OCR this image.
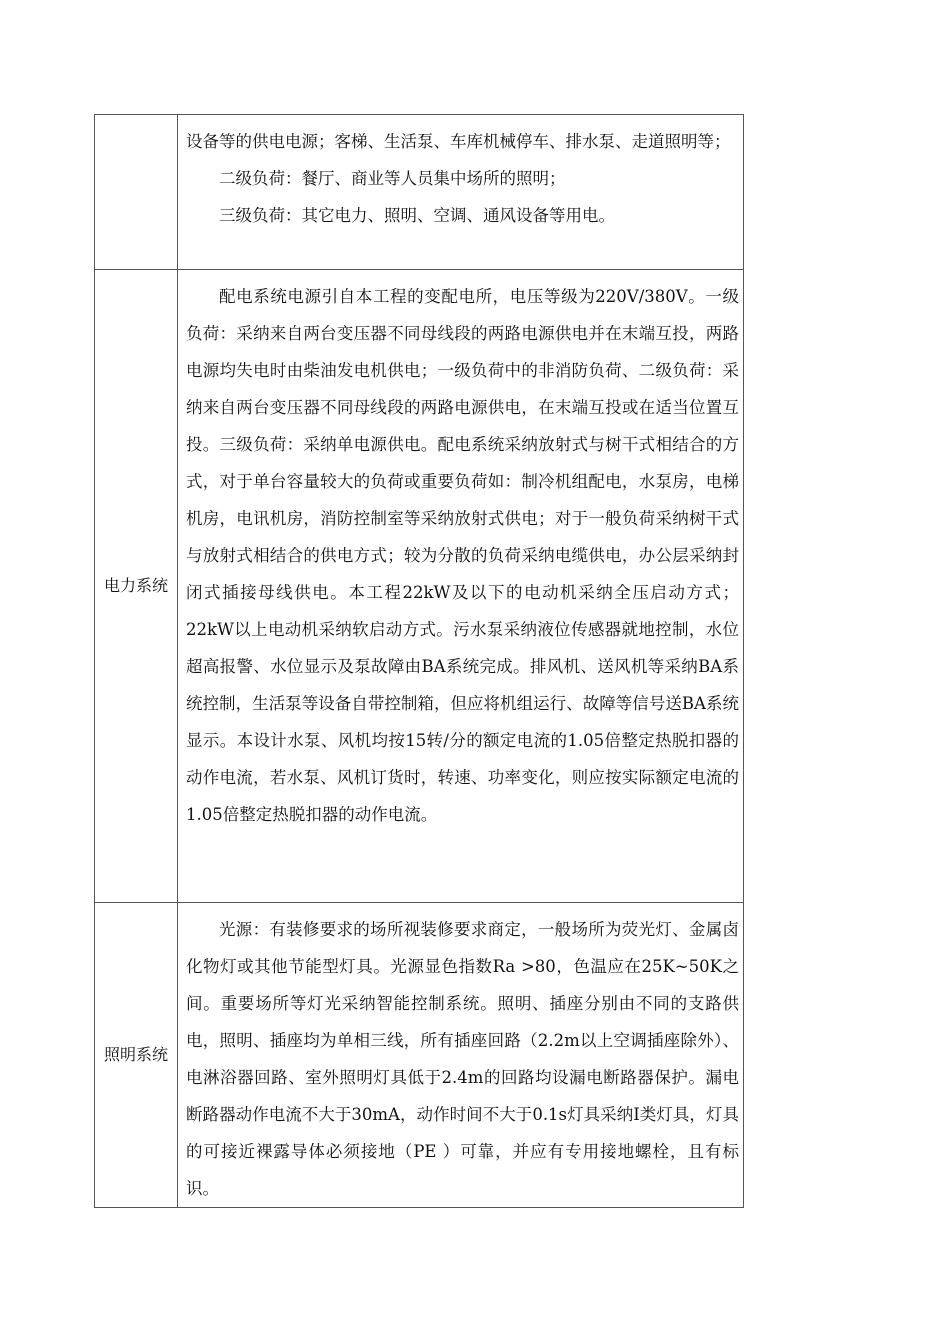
	设备等的供电电源；客梯、生活泵、车库机械停车、排水泵、走道照明等；

二级负荷：餐厅、商业等人员集中场所的照明；

三级负荷：其它电力、照明、空调、通风设备等用电。

电力系统	配电系统电源引自本工程的变配电所，电压等级为220V/380V。一级负荷：采纳来自两台变压器不同母线段的两路电源供电并在末端互投，两路电源均失电时由柴油发电机供电；一级负荷中的非消防负荷、二级负荷：采纳来自两台变压器不同母线段的两路电源供电，在末端互投或在适当位置互投。三级负荷：采纳单电源供电。配电系统采纳放射式与树干式相结合的方式，对于单台容量较大的负荷或重要负荷如：制冷机组配电，水泵房，电梯机房，电讯机房，消防控制室等采纳放射式供电；对于一般负荷采纳树干式与放射式相结合的供电方式；较为分散的负荷采纳电缆供电，办公层采纳封闭式插接母线供电。本工程22kW及以下的电动机采纳全压启动方式；22kW以上电动机采纳软启动方式。污水泵采纳液位传感器就地控制，水位超高报警、水位显示及泵故障由BA系统完成。排风机、送风机等采纳BA系统控制，生活泵等设备自带控制箱，但应将机组运行、故障等信号送BA系统显示。本设计水泵、风机均按15转/分的额定电流的1.05倍整定热脱扣器的动作电流，若水泵、风机订货时，转速、功率变化，则应按实际额定电流的1.05倍整定热脱扣器的动作电流。

照明系统	光源：有装修要求的场所视装修要求商定，一般场所为荧光灯、金属卤化物灯或其他节能型灯具。光源显色指数Ra >80，色温应在25K~50K之间。重要场所等灯光采纳智能控制系统。照明、插座分别由不同的支路供电，照明、插座均为单相三线，所有插座回路（2.2m以上空调插座除外）、电淋浴器回路、室外照明灯具低于2.4m的回路均设漏电断路器保护。漏电断路器动作电流不大于30mA，动作时间不大于0.1s灯具采纳I类灯具，灯具的可接近裸露导体必须接地（PE ）可靠，并应有专用接地螺栓，且有标识。
